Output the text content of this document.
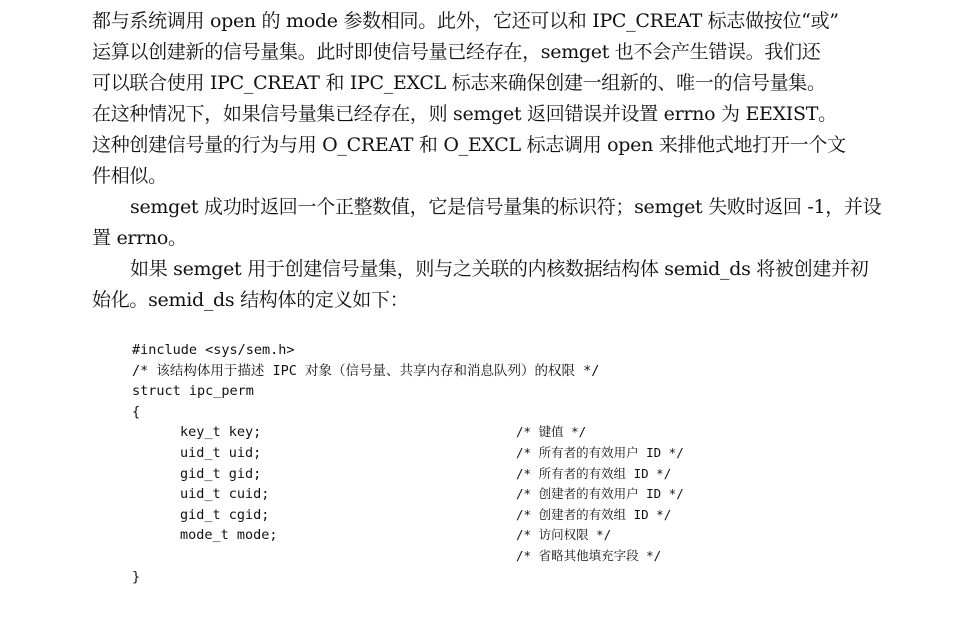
都与系统调用 open 的 mode 参数相同。此外，它还可以和 IPC_CREAT 标志做按位“或”
运算以创建新的信号量集。此时即使信号量已经存在，semget 也不会产生错误。我们还
可以联合使用 IPC_CREAT 和 IPC_EXCL 标志来确保创建一组新的、唯一的信号量集。
在这种情况下，如果信号量集已经存在，则 semget 返回错误并设置 errno 为 EEXIST。
这种创建信号量的行为与用 O_CREAT 和 O_EXCL 标志调用 open 来排他式地打开一个文
件相似。
semget 成功时返回一个正整数值，它是信号量集的标识符；semget 失败时返回 -1，并设
置 errno。
如果 semget 用于创建信号量集，则与之关联的内核数据结构体 semid_ds 将被创建并初
始化。semid_ds 结构体的定义如下：

#include <sys/sem.h>

/* 该结构体用于描述 IPC 对象（信号量、共享内存和消息队列）的权限 */

struct ipc_perm

{

key_t key;

	/* 键值 */

uid_t uid;

	/* 所有者的有效用户 ID */

gid_t gid;

	/* 所有者的有效组 ID */

uid_t cuid;

	/* 创建者的有效用户 ID */

gid_t cgid;

	/* 创建者的有效组 ID */

mode_t mode;

	/* 访问权限 */

/* 省略其他填充字段 */

}
